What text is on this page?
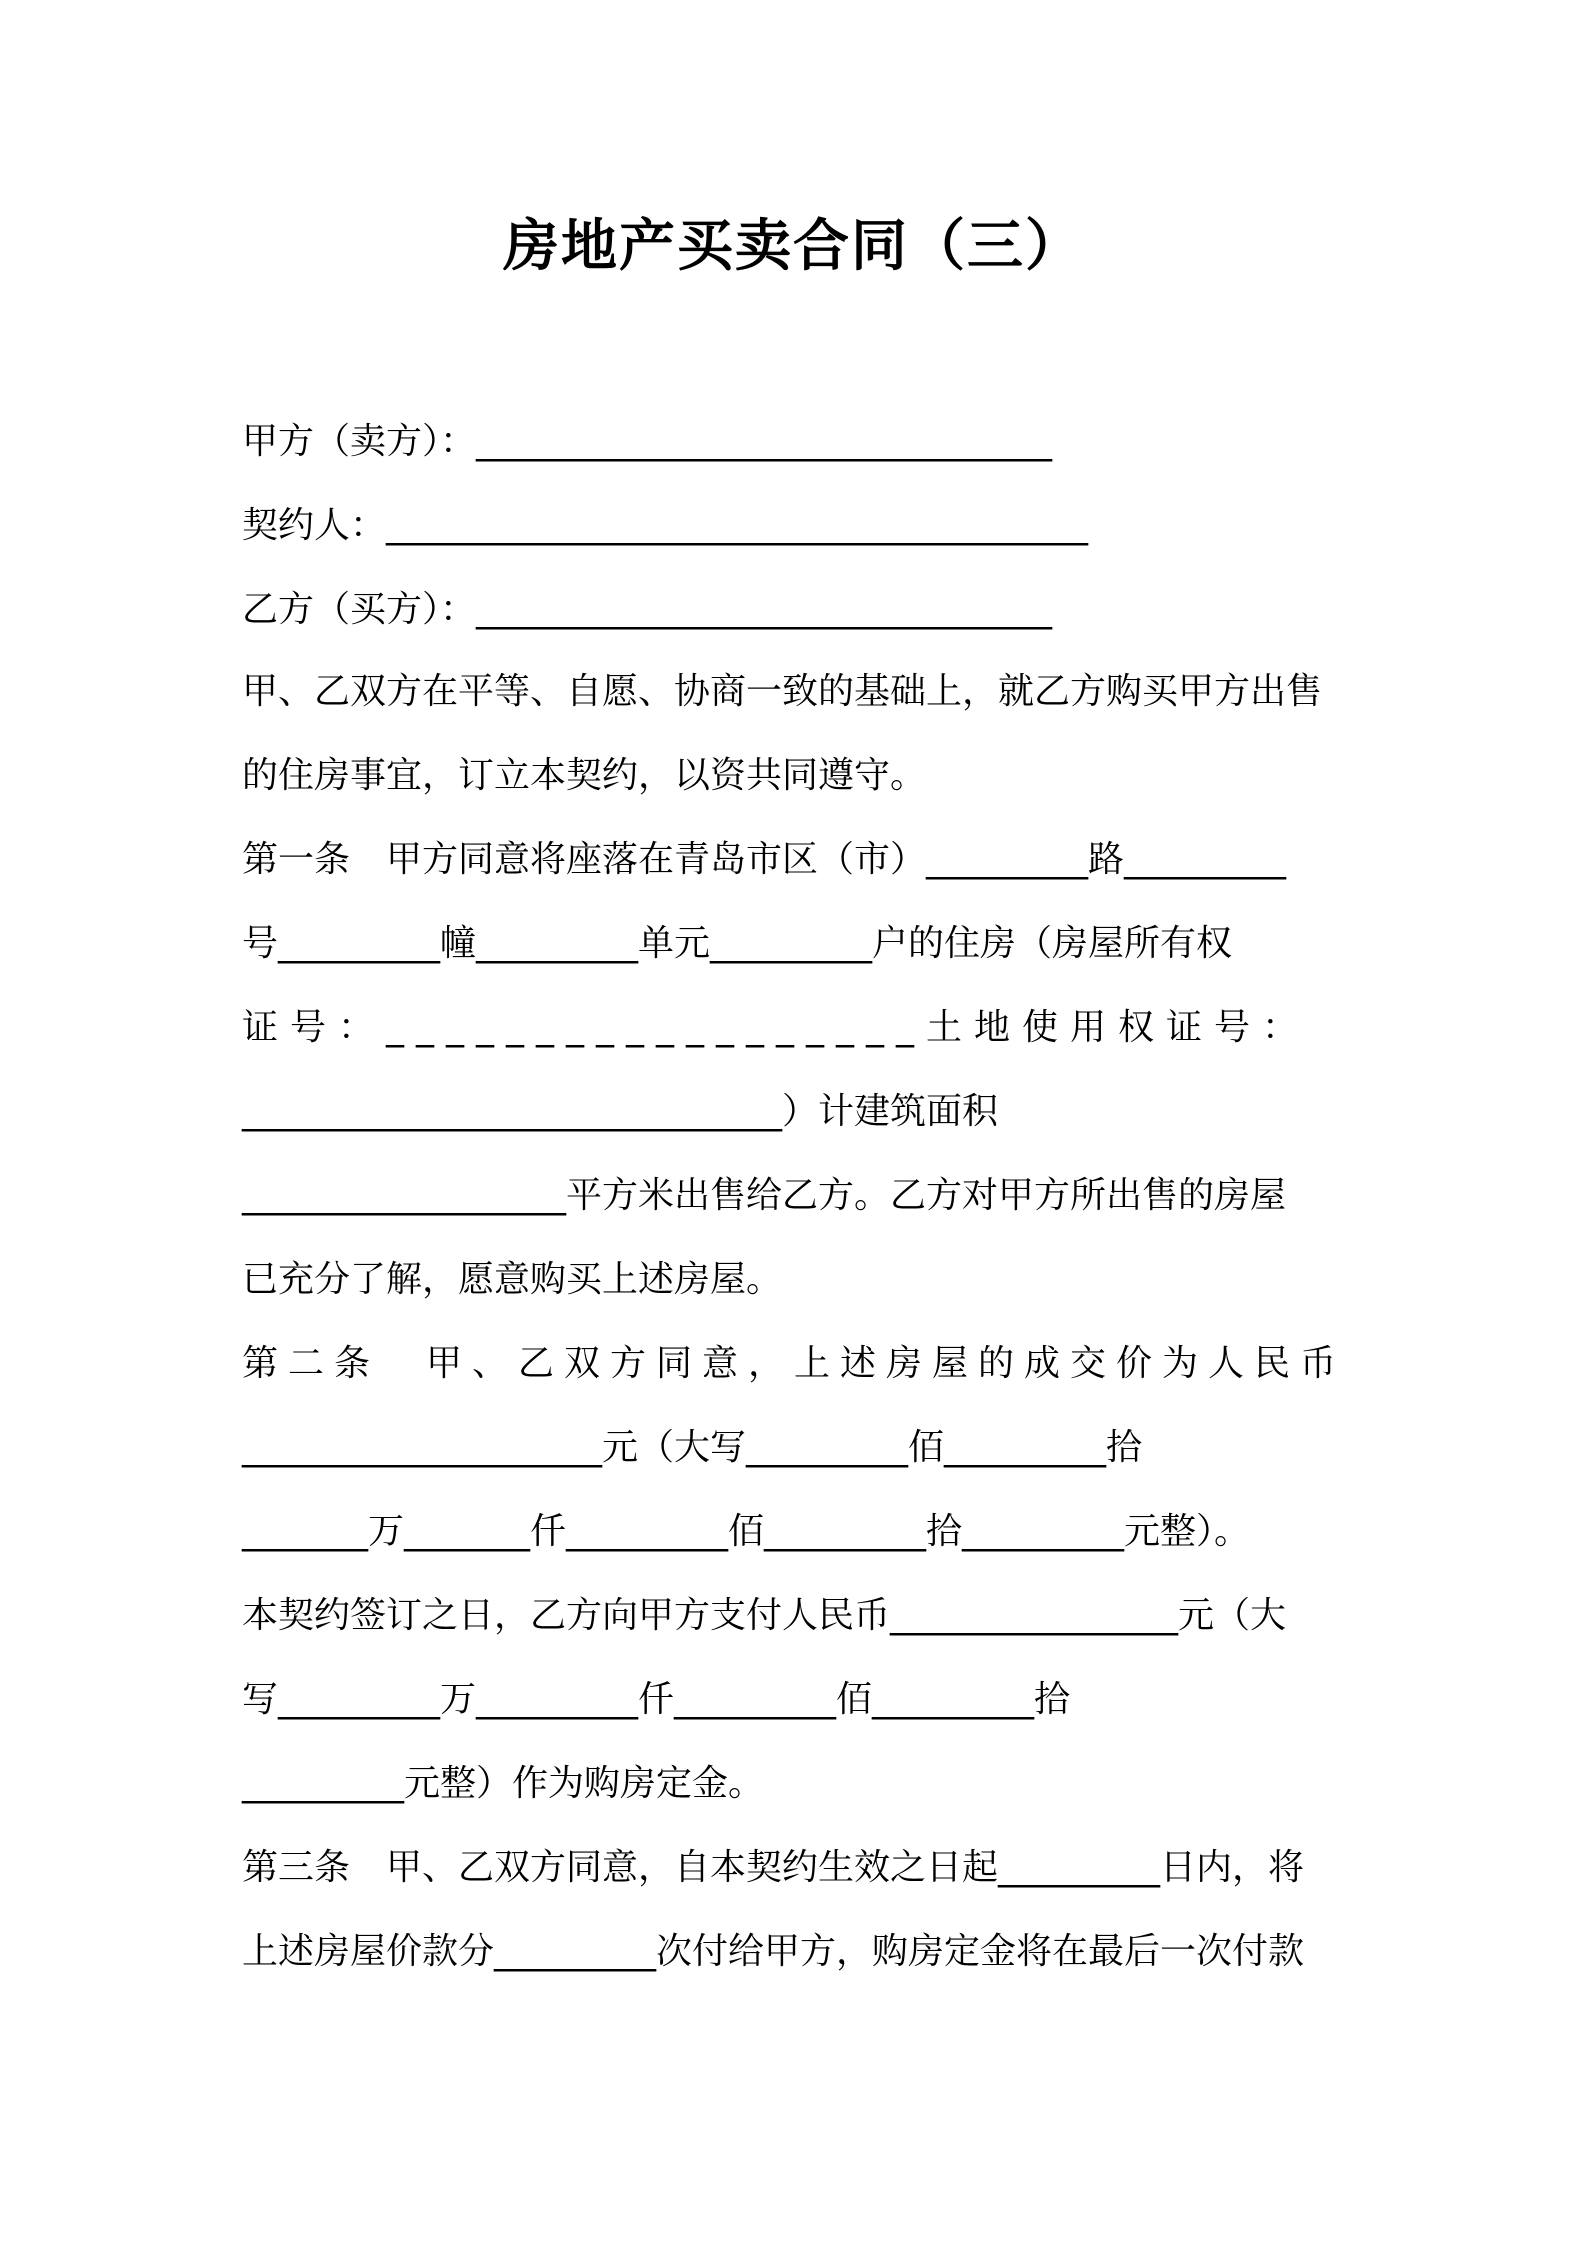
房地产买卖合同（三）
甲方（卖方）：________________________________
契约人：_______________________________________
乙方（买方）：________________________________
甲、乙双方在平等、自愿、协商一致的基础上，就乙方购买甲方出售
的住房事宜，订立本契约，以资共同遵守。
第一条　甲方同意将座落在青岛市区（市）_________路_________
号_________幢_________单元_________户的住房（房屋所有权
证号：__________________土地使用权证号：
______________________________）计建筑面积
__________________平方米出售给乙方。乙方对甲方所出售的房屋
已充分了解，愿意购买上述房屋。
第二条　甲、乙双方同意，上述房屋的成交价为人民币
____________________元（大写_________佰_________拾
_______万_______仟_________佰_________拾_________元整）。
本契约签订之日，乙方向甲方支付人民币________________元（大
写_________万_________仟_________佰_________拾
_________元整）作为购房定金。
第三条　甲、乙双方同意，自本契约生效之日起_________日内，将
上述房屋价款分_________次付给甲方，购房定金将在最后一次付款
